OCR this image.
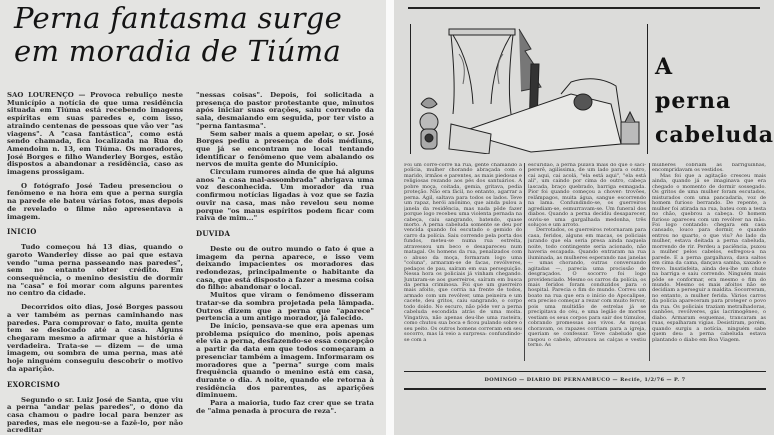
Perna fantasma surge
em moradia de Tiúma

SAO LOURENÇO — Provoca rebuliço neste Município a notícia de que uma residência situada em Tiúma está recebendo imagens espíritas em suas paredes e, com isso, atraindo centenas de pessoas que vão ver "as viagens". A "casa fantástica", como está sendo chamada, fica localizada na Rua do Amendoim n. 13, em Tiúma. Os moradores, José Borges e filho Wanderley Borges, estão dispostos a abandonar a residência, caso as imagens prossigam.

O fotógrafo José Tadeu presenciou o fenômeno e na hora em que a perna surgia na parede ele bateu várias fotos, mas depois de revelado o filme não apresentava a imagem.

INICIO

Tudo começou há 13 dias, quando o garoto Wanderley disse ao pai que estava vendo "uma perna passeando nas paredes", sem no entanto obter crédito. Em consequência, o menino desistiu de dormir na "casa" e foi morar com alguns parentes no centro da cidade.

Decorridos oito dias, José Borges passou a ver também as pernas caminhando nas paredes. Para comprovar o fato, muita gente tem se deslocado até a casa. Alguns chegaram mesmo a afirmar que a história é verdadeira. Trata-se — dizem — de uma imagem, ou sombra de uma perna, mas até hoje ninguém conseguiu descobrir o motivo da aparição.

EXORCISMO

Segundo o sr. Luiz José de Santa, que viu a perna "andar pelas paredes", o dono da casa chamou o padre local para benzer as paredes, mas ele negou-se a fazê-lo, por não acreditar

"nessas coisas". Depois, foi solicitada a presença do pastor protestante que, minutos após iniciar suas orações, saiu correndo da sala, desmaiando em seguida, por ter visto a "perna fantasma".

Sem saber mais a quem apelar, o sr. José Borges pediu a presença de dois médiuns, que já se encontram no local tentando identificar o fenômeno que vem abalando os nervos de muita gente do Município.

Circulam rumores ainda de que há alguns anos "a casa mal-assombrada" abrigava uma voz desconhecida. Um morador da rua confirmou notícias ligadas à voz que se fazia ouvir na casa, mas não revelou seu nome porque "os maus espíritos podem ficar com raiva de mim..."

DUVIDA

Deste ou de outro mundo o fato é que a imagem da perna aparece, e isso vem deixando impacientes os moradores das redondezas, principalmente o habitante da casa, que está disposto a fazer a mesma coisa do filho: abandonar o local.

Muitos que viram o fenômeno disseram tratar-se da sombra projetada pela lâmpada. Outros dizem que a perna que "aparece" pertencia a um antigo morador, já falecido.

De início, pensava-se que era apenas um problema psíquico do menino, pois apenas ele via a perna, desfazendo-se essa concepção a partir da data em que todos começaram a presenciar também a imagem. Informaram os moradores que a "perna" surge com mais frequência quando o menino está em casa, durante o dia. A noite, quando ele retorna à residência dos parentes, as aparições diminuem.

Para a maioria, tudo faz crer que se trata de "alma penada à procura de reza".

A
perna
cabeluda

Foi um corre-corre na rua, gente chamando a polícia, mulher chorando abraçada com o marido, irmãos e parentes, as mais piedosas e religiosas rezando aos pés dos santuários. A pobre moça, coitada, gemia, gritava, pedia proteção. Não era fácil, no entanto, agarrar a perna. Ágil, saltava para todos os lados. Teve um rapaz, herói anônimo, que ainda pulou a janela da residência, mas nada pôde fazer porque logo recebeu uma violenta pernada na cabeça, caiu sangrando, batendo, quase morto. A perna cabeluda somente se deu por vencida quando foi escutado o gemido do carro da polícia. Saiu correndo pela porta dos fundos, meteu-se numa rua estreita, atravessou um beco e desapareceu num matagal. Os homens da rua, penalizados com o abuso da moça, formaram logo uma "coluna", armaram-se de facas, revólveres, pedaços de pau, saíram em sua perseguição. Nessa hora os policiais já vinham chegando. Juntaram-se aos guerreiros, saíram em busca da perna criminosa. Foi que um guerreiro mais afoito, que corria na frente de todos, armado com um revólver, uma peixeira e um cacete, deu gritos, caiu sangrando, o corpo todo doído. No escuro, não pôde ver a perna cabeluda escondida atrás de uma moita. Vingativa, não apenas deu-lhe uma rasteira, como chutou sua boca e ficou pulando sobre o seu peito. Os outros homens correram em seu socorro, mas lá veio a surpresa: confundindo-se com a

escuridão, a perna pulava mais do que o saci-pererê, agilíssima, de um lado para o outro, cai aqui, cai acolá, "ela está aqui", "ela está ali", um caindo por cima do outro, cabeça lascada, braço quebrado, barriga esmagada. Pior foi quando começou a chover: trovões, relâmpagos, muita água, sangue escorrendo na lama. Confundindo-se, os guerreiros agrediam-se, esmurravam-se. Um funeral dos diabos. Quando a perna decidiu desaparecer, ouviu-se uma gargalhada medonha, três soluços e um arroto.

Derrotados, os guerreiros retornaram para casa, feridos, alguns em macas, os policiais jurando que ela seria presa ainda naquela noite, todo contingente seria acionado, não haveria escapada. Quando entraram na rua iluminada, as mulheres esperando nas janelas — umas chorando, outras conversando agitadas —, parecia uma procissão de desgraçados. O socorro foi logo providenciado. Mesmo os carros da polícia, os mais feridos foram conduzidos para o hospital. Parecia o fim do mundo. Correu um boato na rua que era o início do Apocalipse, era preciso começar a rezar com muito fervor, pois uma multidão de estrelas já se precipitava do céu, e uma legião de mortos vestiam os seus corpos para sair dos túmulos, cobrando promessas aos vivos. As moças choravam, os rapazes corriam para a igreja, queriam se confessar. Teve cabeludo que raspou o cabelo, afrouxou as calças e vestiu terno. As

mulheres cobriam as barriguinhas, encompridavam os vestidos.

Mas foi que a agitação cresceu mais ainda, quando já se imaginava que era chegado o momento de dormir sossegado. Os gritos de uma mulher foram escutados, misturados com uma pancadaria, voz de homem furioso berrando. De repente, a mulher foi atirada na rua, bateu com a testa no chão, quebrou a cabeça. O homem furioso apareceu com um revólver na mão. Foi logo contando: chegara em casa cansado, louco para dormir, e quando entrou no quarto, o que viu? Ao lado da mulher, estava deitada a perna cabeluda, morrendo de rir. Perdeu a paciência, puxou a mulher pelos cabelos, esfregou-a na parede. E a perna gargalhava, dava saltos em cima da cama, dançava samba, xaxado e frevo. Insatisfeita, ainda deu-lhe um chute na barriga e saiu correndo. Ninguém mais pôde se conformar, era mesmo o fim do mundo. Mesmo os mais afoitos não se decidiam a perseguir a maldita. Socorreram, no entanto, a mulher ferida. Vários carros da polícia apareceram para proteger o povo da rua. Os policiais traziam metralhadoras, canhões, revólveres, gás lacrimogêneo, o diabo. Armaram esquemas, trancaram as ruas, espalharam vigias. Desistiram, porém, quando surgiu a notícia, ninguém sabe quem deu: a perna cabeluda estava plantando o diabo em Boa Viagem.

DOMINGO — DIARIO DE PERNAMBUCO — Recife, 1/2/76 — P. 7
